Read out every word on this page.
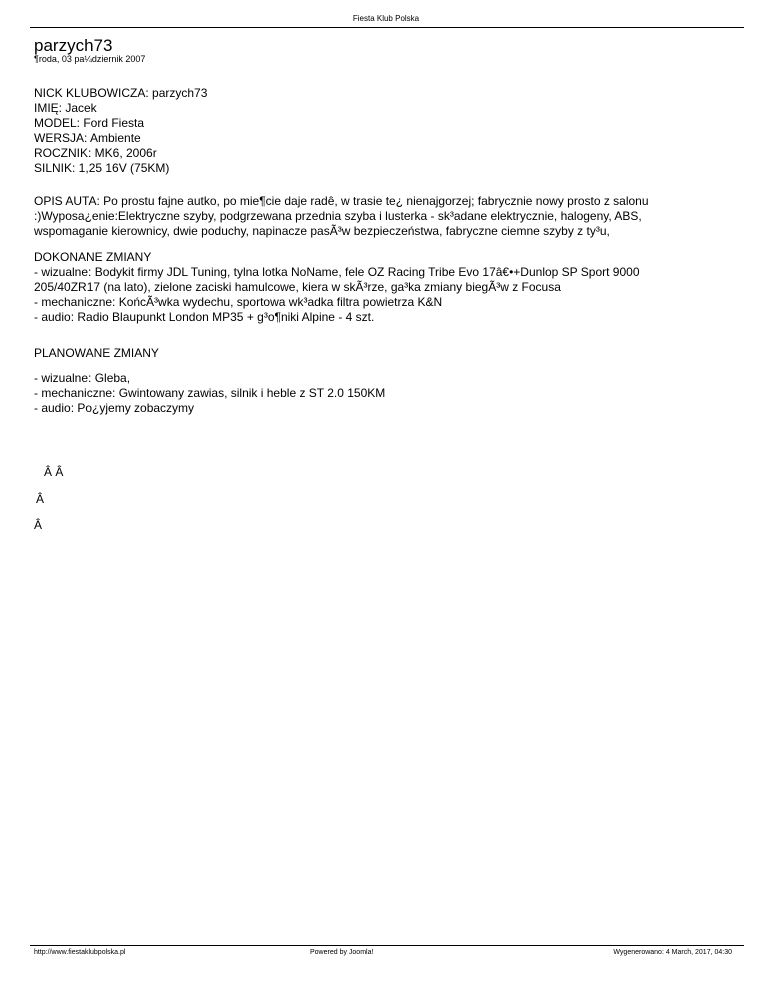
Fiesta Klub Polska
parzych73
¶roda, 03 pa¼dziernik 2007
NICK KLUBOWICZA: parzych73
IMIĘ: Jacek
MODEL: Ford Fiesta
WERSJA: Ambiente
ROCZNIK: MK6, 2006r
SILNIK: 1,25 16V (75KM)
OPIS AUTA: Po prostu fajne autko, po mie¶cie daje radê, w trasie te¿ nienajgorzej; fabrycznie nowy prosto z salonu
:)Wyposa¿enie:Elektryczne szyby, podgrzewana przednia szyba i lusterka - sk³adane elektrycznie, halogeny, ABS,
wspomaganie kierownicy, dwie poduchy, napinacze pasÃ³w bezpieczeństwa, fabryczne ciemne szyby z ty³u,
DOKONANE ZMIANY
- wizualne: Bodykit firmy JDL Tuning, tylna lotka NoName, fele OZ Racing Tribe Evo 17â€•+Dunlop SP Sport 9000
205/40ZR17 (na lato), zielone zaciski hamulcowe, kiera w skÃ³rze, ga³ka zmiany biegÃ³w z Focusa
- mechaniczne: KońcÃ³wka wydechu, sportowa wk³adka filtra powietrza K&N
- audio: Radio Blaupunkt London MP35 + g³o¶niki Alpine - 4 szt.
PLANOWANE ZMIANY
- wizualne: Gleba,
- mechaniczne: Gwintowany zawias, silnik i heble z ST 2.0 150KM
- audio: Po¿yjemy zobaczymy
Â Â
Â
Â
http://www.fiestaklubpolska.pl	Powered by Joomla!	Wygenerowano: 4 March, 2017, 04:30
